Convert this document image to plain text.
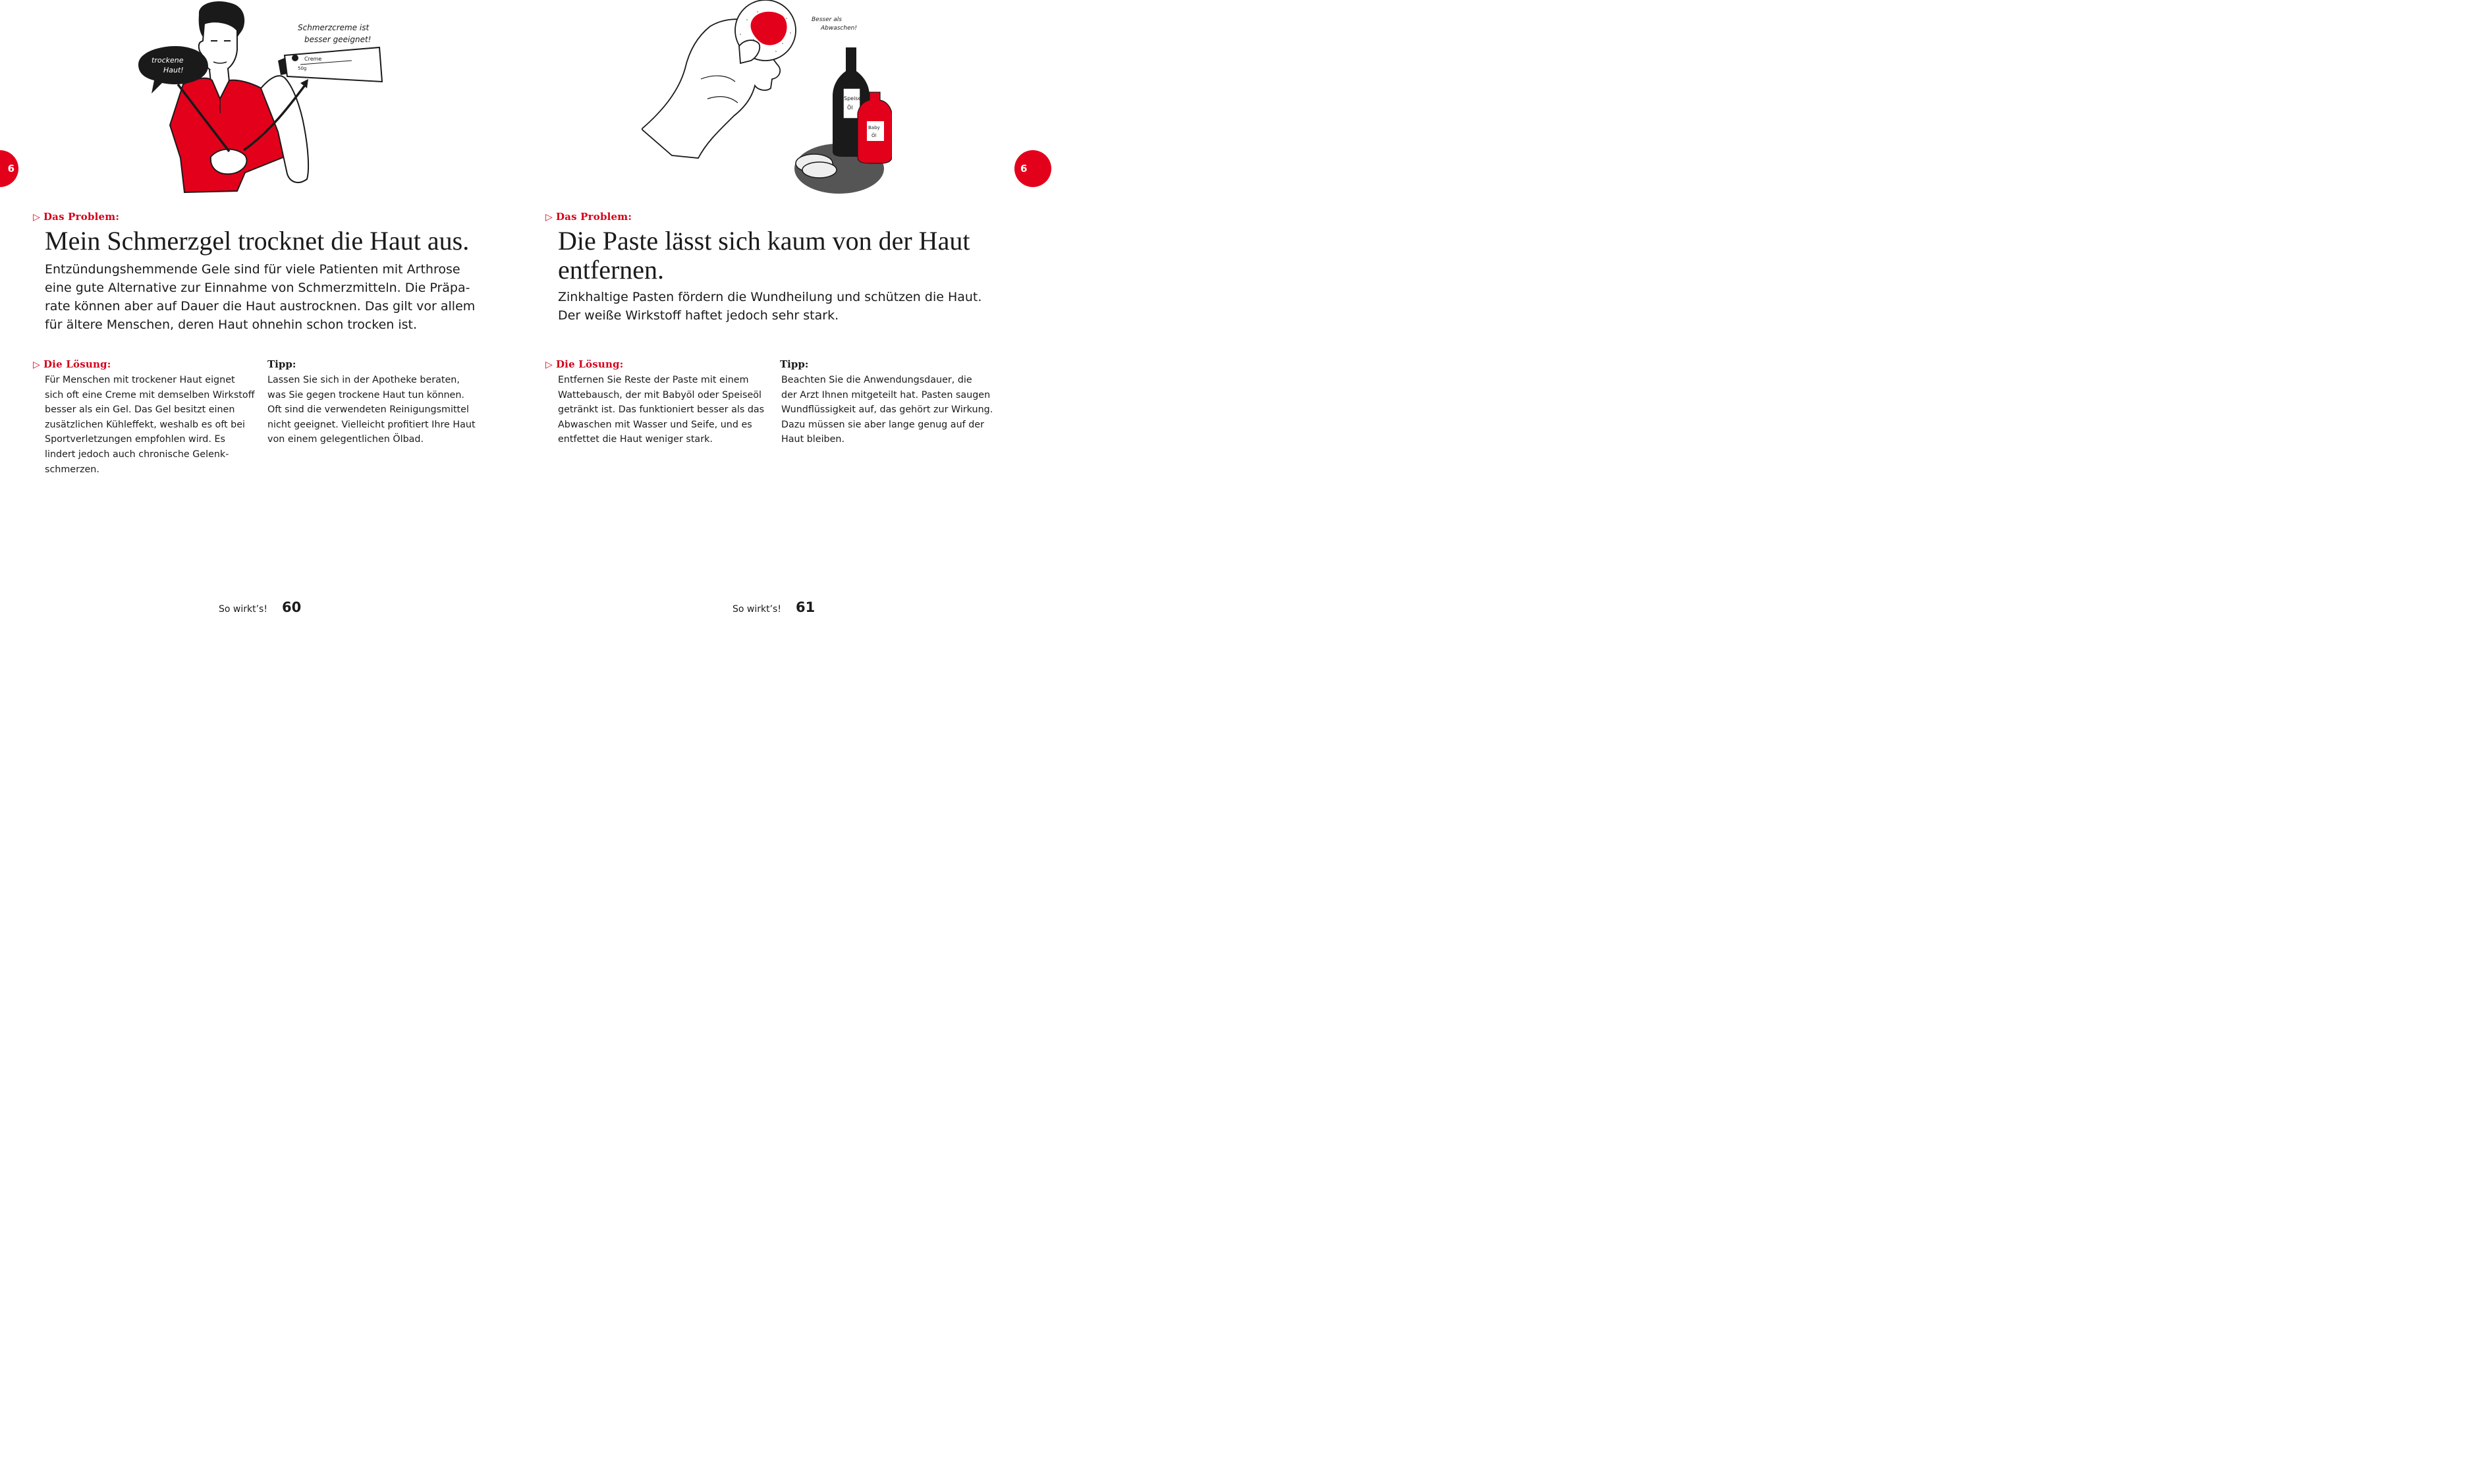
6
trockene
Haut!
Schmerzcreme ist
besser geeignet!
Creme
50g
▷ Das Problem:
Mein Schmerzgel trocknet die Haut aus.

Entzündungshemmende Gele sind für viele Patienten mit Arthrose
eine gute Alternative zur Einnahme von Schmerzmitteln. Die Präpa-
rate können aber auf Dauer die Haut austrocknen. Das gilt vor allem
für ältere Menschen, deren Haut ohnehin schon trocken ist.

▷ Die Lösung:

Für Menschen mit trockener Haut eignet
sich oft eine Creme mit demselben Wirkstoff
besser als ein Gel. Das Gel besitzt einen
zusätzlichen Kühleffekt, weshalb es oft bei
Sportverletzungen empfohlen wird. Es
lindert jedoch auch chronische Gelenk-
schmerzen.

Tipp:

Lassen Sie sich in der Apotheke beraten,
was Sie gegen trockene Haut tun können.
Oft sind die verwendeten Reinigungsmittel
nicht geeignet. Vielleicht profitiert Ihre Haut
von einem gelegentlichen Ölbad.

So wirkt’s! 60
6
Besser als
Abwaschen!
Speise
Öl
Baby
Öl
▷ Das Problem:
Die Paste lässt sich kaum von der Haut
entfernen.

Zinkhaltige Pasten fördern die Wundheilung und schützen die Haut.
Der weiße Wirkstoff haftet jedoch sehr stark.

▷ Die Lösung:

Entfernen Sie Reste der Paste mit einem
Wattebausch, der mit Babyöl oder Speiseöl
getränkt ist. Das funktioniert besser als das
Abwaschen mit Wasser und Seife, und es
entfettet die Haut weniger stark.

Tipp:

Beachten Sie die Anwendungsdauer, die
der Arzt Ihnen mitgeteilt hat. Pasten saugen
Wundflüssigkeit auf, das gehört zur Wirkung.
Dazu müssen sie aber lange genug auf der
Haut bleiben.

So wirkt’s! 61
